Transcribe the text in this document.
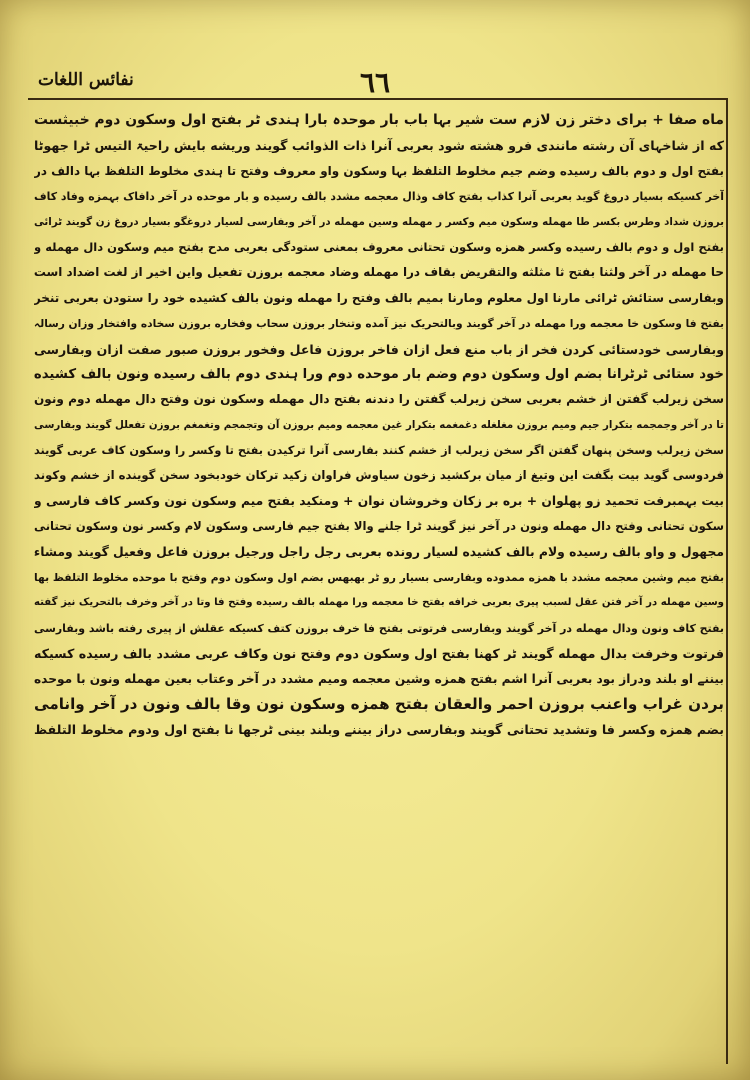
٦٦
نفائس اللغات
ماه صفا + برای دختر زن لازم ست شیر بہا باب بار موحدہ بارا ہندی ٹر بفتح اول وسکون دوم خبیثست
که از شاخہای آن رشته مانندی فرو هشته شود بعربی آنرا ذات الذوائب گویند وریشه بایش راحیۃ التیس ٹرا جھوٹا
بفتح اول و دوم بالف رسیده وضم جیم مخلوط التلفظ بہا وسکون واو معروف وفتح تا ہندی مخلوط التلفظ بہا دالف در
آخر کسیکه بسیار دروغ گوید بعربی آنرا کذاب بفتح کاف وذال معجمه مشدد بالف رسیده و بار موحده در آخر دافاک بہمزه وفاد کاف
بروزن شداد وطرس بکسر طا مهمله وسکون میم وکسر ر مهمله وسین مهمله در آخر وبفارسی لسیار دروغگو بسیار دروغ زن گویند ٹرائی
بفتح اول و دوم بالف رسیده وکسر همزه وسکون تحتانی معروف بمعنی ستودگی بعربی مدح بفتح میم وسکون دال مهمله و
حا مهمله در آخر ولثنا بفتح ثا مثلثه والتقریض بقاف درا مهمله وضاد معجمه بروزن تفعیل واین اخیر از لغت اضداد است
وبفارسی ستائش ٹرائی مارنا اول معلوم ومارنا بمیم بالف وفتح را مهمله ونون بالف کشیده خود را ستودن بعربی تنخر
بفتح فا وسکون خا معجمه ورا مهمله در آخر گویند وبالتحریک نیز آمده وتنخار بروزن سحاب وفخاره بروزن سخاده وافتخار وزان رسالہ
وبفارسی خودستائی کردن فخر از باب منع فعل ازان فاخر بروزن فاعل وفخور بروزن صبور صفت ازان وبفارسی
خود ستائی ٹرٹرانا بضم اول وسکون دوم وضم بار موحده دوم ورا ہندی دوم بالف رسیده ونون بالف کشیده
سخن زیرلب گفتن از خشم بعربی سخن زیرلب گفتن را دندنه بفتح دال مهمله وسکون نون وفتح دال مهمله دوم ونون
تا در آخر وجمجمه بتکرار جیم ومیم بروزن مغلغله دغمغمه بتکرار غین معجمه ومیم بروزن آن وتجمجم وتغمغم بروزن تفعلل گویند وبفارسی
سخن زیرلب وسخن پنهان گفتن اگر سخن زیرلب از خشم کنند بفارسی آنرا ترکیدن بفتح تا وکسر را وسکون کاف عربی گویند
فردوسی گوید بیت بگفت این وتیغ از میان برکشید زخون سیاوش فراوان زکید ترکان خودبخود سخن گوینده از خشم وکوند
بیت بہمبرفت تحمید زو پهلوان + بره بر زکان وخروشان نوان + ومنکید بفتح میم وسکون نون وکسر کاف فارسی و
سکون تحتانی وفتح دال مهمله ونون در آخر نیز گویند ٹرا جلنے والا بفتح جیم فارسی وسکون لام وکسر نون وسکون تحتانی
مجهول و واو بالف رسیده ولام بالف کشیده لسیار رونده بعربی رجل راجل ورجیل بروزن فاعل وفعیل گویند ومشاء
بفتح میم وشین معجمه مشدد با همزه ممدوده وبفارسی بسیار رو ٹر بھبھس بضم اول وسکون دوم وفتح با موحده مخلوط التلفظ بها
وسین مهمله در آخر فتن عقل لسبب پیری بعربی خرافه بفتح خا معجمه ورا مهمله بالف رسیده وفتح فا وتا در آخر وخرف بالتحریک نیز گفته
بفتح کاف ونون ودال مهمله در آخر گویند وبفارسی فرتوتی بفتح فا خرف بروزن کتف کسیکه عقلش از پیری رفته باشد وبفارسی
فرتوت وخرفت بدال مهمله گویند ٹر کھنا بفتح اول وسکون دوم وفتح نون وکاف عربی مشدد بالف رسیده کسیکه
بیننے او بلند ودراز بود بعربی آنرا اشم بفتح همزه وشین معجمه ومیم مشدد در آخر وعتاب بعین مهمله ونون با موحده
بردن غراب واعنب بروزن احمر والعقان بفتح همزه وسکون نون وقا بالف ونون در آخر وانامی
بضم همزه وکسر فا وتشدید تحتانی گویند وبفارسی دراز بیننے وبلند بینی ٹرجھا نا بفتح اول ودوم مخلوط التلفظ
